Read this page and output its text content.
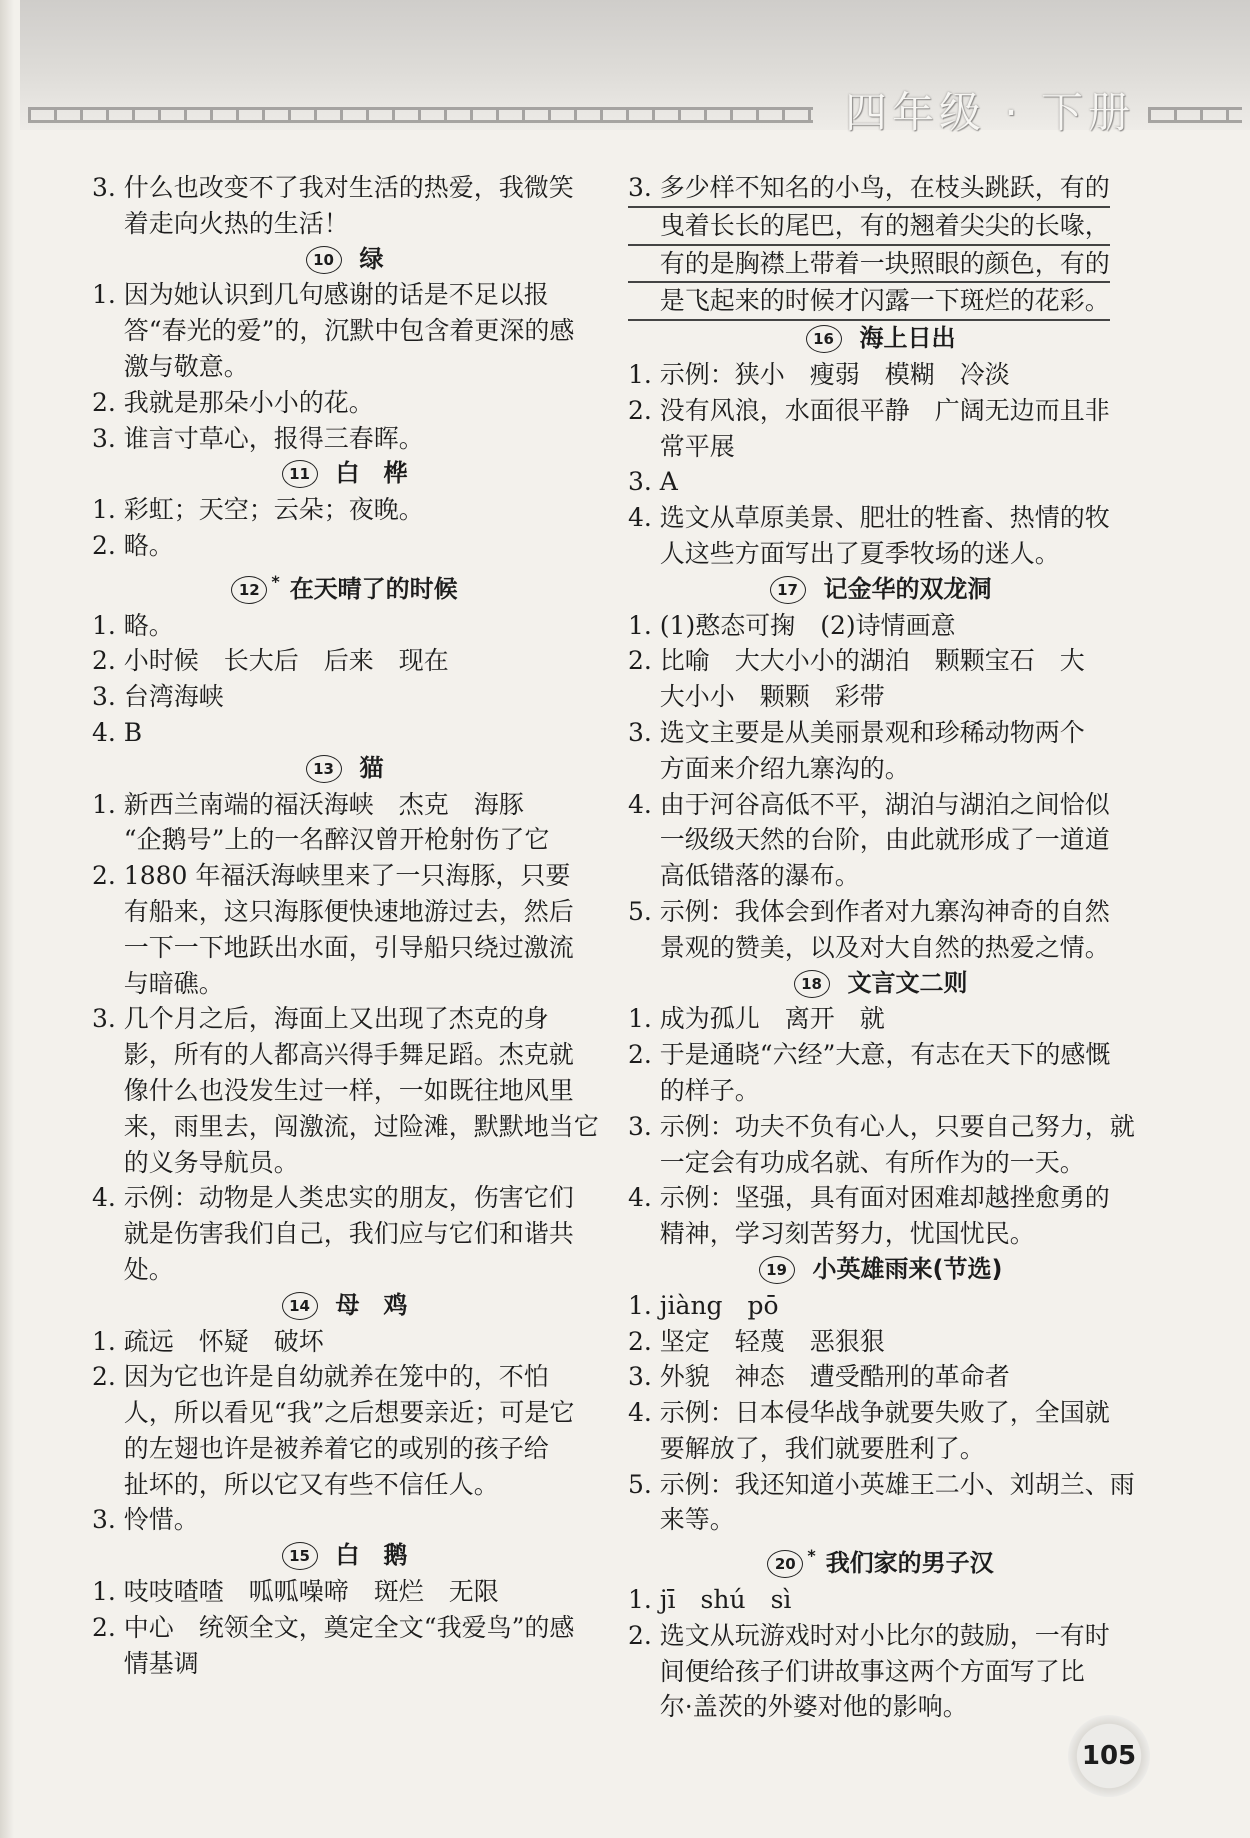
四年级 · 下册
3. 什么也改变不了我对生活的热爱，我微笑
着走向火热的生活！
10 绿
1. 因为她认识到几句感谢的话是不足以报
答“春光的爱”的，沉默中包含着更深的感
激与敬意。
2. 我就是那朵小小的花。
3. 谁言寸草心，报得三春晖。
11 白　桦
1. 彩虹；天空；云朵；夜晚。
2. 略。
12 * 在天晴了的时候
1. 略。
2. 小时候　长大后　后来　现在
3. 台湾海峡
4. B
13 猫
1. 新西兰南端的福沃海峡　杰克　海豚
“企鹅号”上的一名醉汉曾开枪射伤了它
2. 1880 年福沃海峡里来了一只海豚，只要
有船来，这只海豚便快速地游过去，然后
一下一下地跃出水面，引导船只绕过激流
与暗礁。
3. 几个月之后，海面上又出现了杰克的身
影，所有的人都高兴得手舞足蹈。杰克就
像什么也没发生过一样，一如既往地风里
来，雨里去，闯激流，过险滩，默默地当它
的义务导航员。
4. 示例：动物是人类忠实的朋友，伤害它们
就是伤害我们自己，我们应与它们和谐共
处。
14 母　鸡
1. 疏远　怀疑　破坏
2. 因为它也许是自幼就养在笼中的，不怕
人，所以看见“我”之后想要亲近；可是它
的左翅也许是被养着它的或别的孩子给
扯坏的，所以它又有些不信任人。
3. 怜惜。
15 白　鹅
1. 吱吱喳喳　呱呱噪啼　斑烂　无限
2. 中心　统领全文，奠定全文“我爱鸟”的感
情基调
3. 多少样不知名的小鸟，在枝头跳跃，有的
曳着长长的尾巴，有的翘着尖尖的长喙，
有的是胸襟上带着一块照眼的颜色，有的
是飞起来的时候才闪露一下斑烂的花彩。
16 海上日出
1. 示例：狭小　瘦弱　模糊　冷淡
2. 没有风浪，水面很平静　广阔无边而且非
常平展
3. A
4. 选文从草原美景、肥壮的牲畜、热情的牧
人这些方面写出了夏季牧场的迷人。
17 记金华的双龙洞
1. (1)憨态可掬　(2)诗情画意
2. 比喻　大大小小的湖泊　颗颗宝石　大
大小小　颗颗　彩带
3. 选文主要是从美丽景观和珍稀动物两个
方面来介绍九寨沟的。
4. 由于河谷高低不平，湖泊与湖泊之间恰似
一级级天然的台阶，由此就形成了一道道
高低错落的瀑布。
5. 示例：我体会到作者对九寨沟神奇的自然
景观的赞美，以及对大自然的热爱之情。
18 文言文二则
1. 成为孤儿　离开　就
2. 于是通晓“六经”大意，有志在天下的感慨
的样子。
3. 示例：功夫不负有心人，只要自己努力，就
一定会有功成名就、有所作为的一天。
4. 示例：坚强，具有面对困难却越挫愈勇的
精神，学习刻苦努力，忧国忧民。
19 小英雄雨来(节选)
1. jiàng　pō
2. 坚定　轻蔑　恶狠狠
3. 外貌　神态　遭受酷刑的革命者
4. 示例：日本侵华战争就要失败了，全国就
要解放了，我们就要胜利了。
5. 示例：我还知道小英雄王二小、刘胡兰、雨
来等。
20 * 我们家的男子汉
1. jī　shú　sì
2. 选文从玩游戏时对小比尔的鼓励，一有时
间便给孩子们讲故事这两个方面写了比
尔·盖茨的外婆对他的影响。
105
